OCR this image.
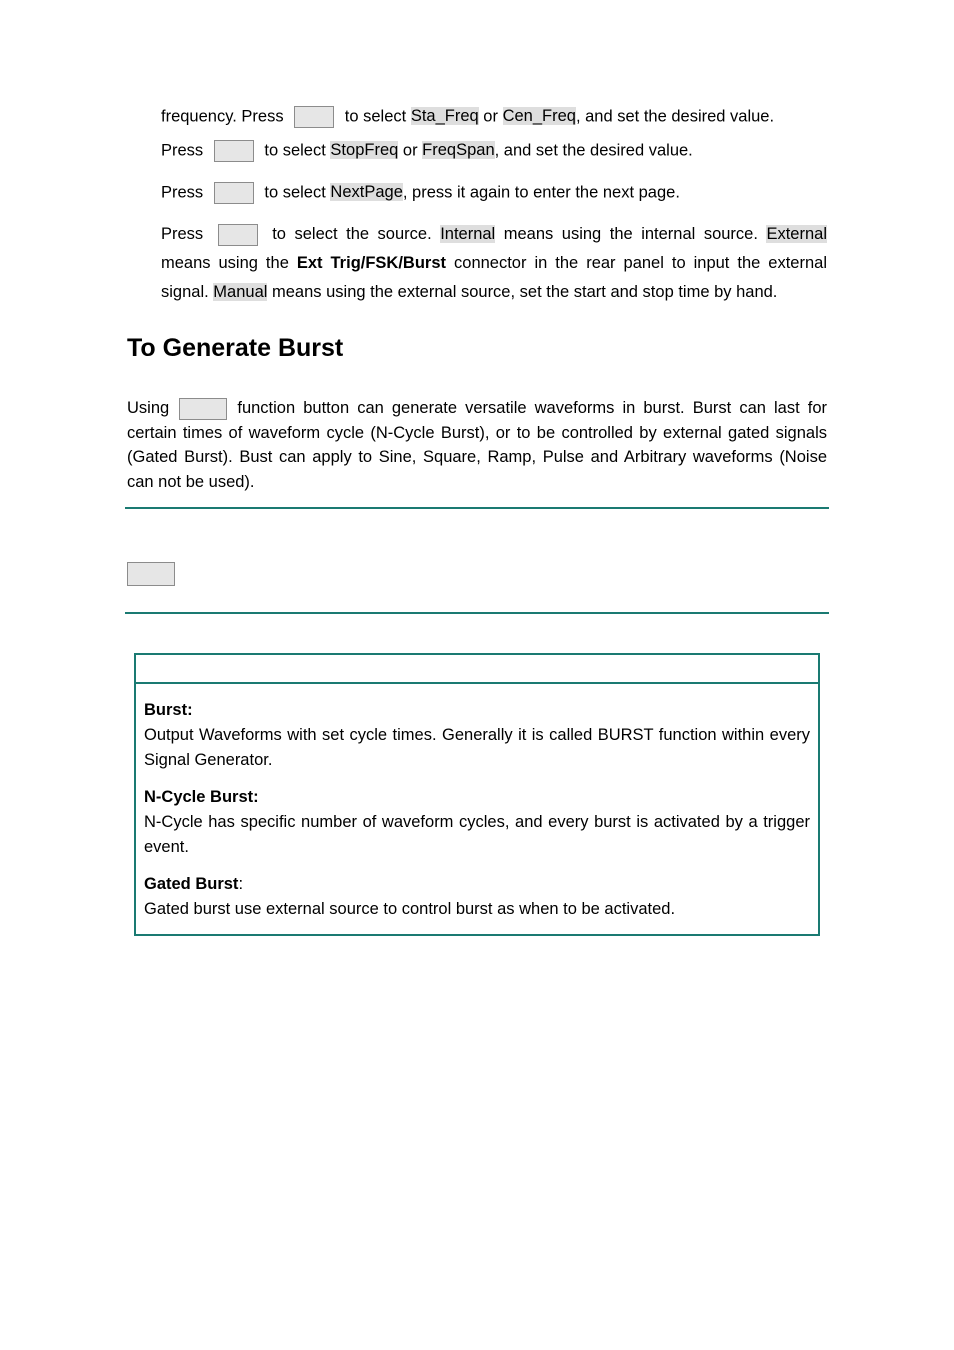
frequency. Press	to select Sta_Freq or Cen_Freq, and set the desired value.
Press	to select StopFreq or FreqSpan, and set the desired value.
Press	to select NextPage, press it again to enter the next page.
Press	to select the source. Internal means using the internal source. External means using the Ext Trig/FSK/Burst connector in the rear panel to input the external signal. Manual means using the external source, set the start and stop time by hand.
To Generate Burst
Using	function button can generate versatile waveforms in burst. Burst can last for certain times of waveform cycle (N-Cycle Burst), or to be controlled by external gated signals (Gated Burst). Bust can apply to Sine, Square, Ramp, Pulse and Arbitrary waveforms (Noise can not be used).
Burst:
Output Waveforms with set cycle times. Generally it is called BURST function within every Signal Generator.
N-Cycle Burst:
N-Cycle has specific number of waveform cycles, and every burst is activated by a trigger event.
Gated Burst:
Gated burst use external source to control burst as when to be activated.
